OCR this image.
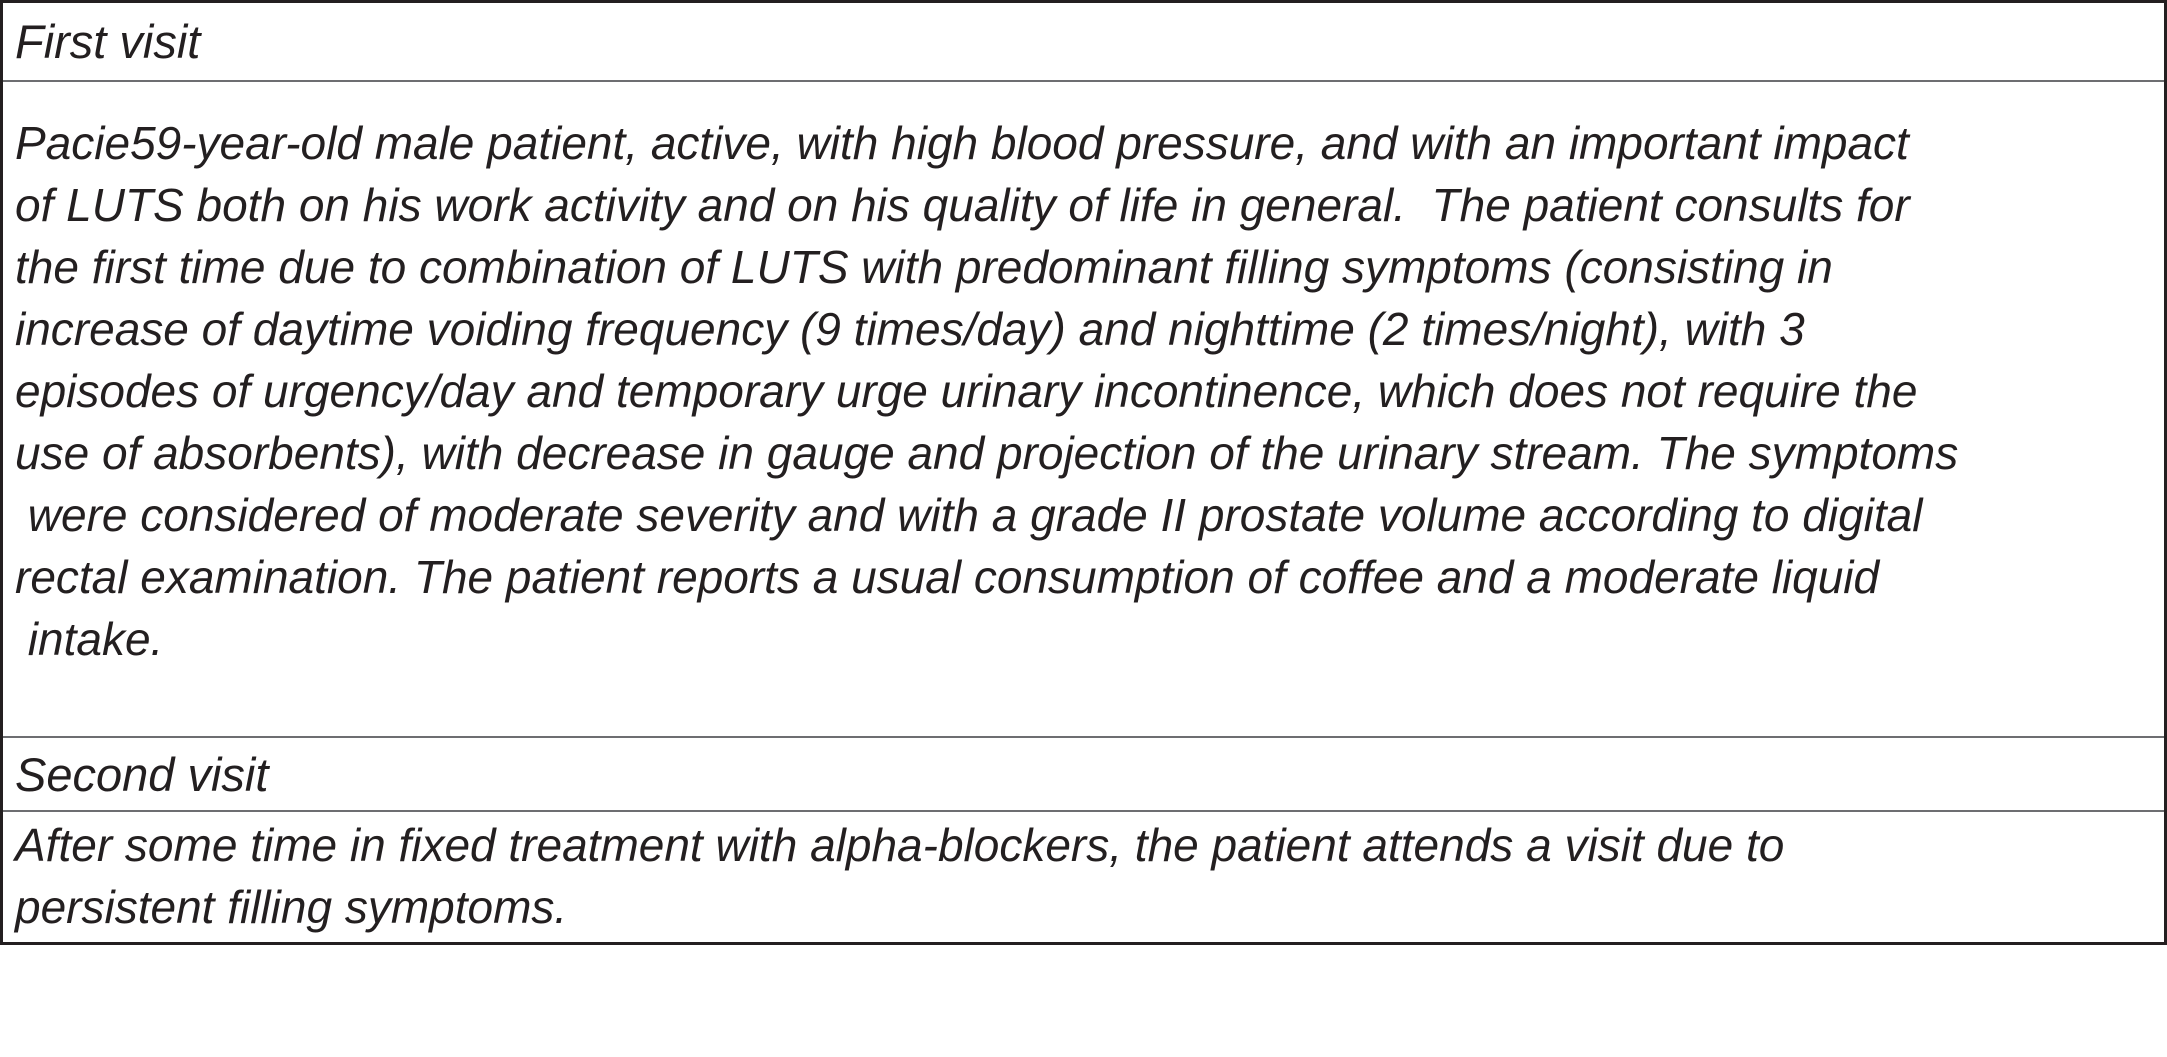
First visit

Pacie59-year-old male patient, active, with high blood pressure, and with an important impact
of LUTS both on his work activity and on his quality of life in general.  The patient consults for
the first time due to combination of LUTS with predominant filling symptoms (consisting in
increase of daytime voiding frequency (9 times/day) and nighttime (2 times/night), with 3
episodes of urgency/day and temporary urge urinary incontinence, which does not require the
use of absorbents), with decrease in gauge and projection of the urinary stream. The symptoms
were considered of moderate severity and with a grade II prostate volume according to digital
rectal examination. The patient reports a usual consumption of coffee and a moderate liquid
intake.

Second visit

After some time in fixed treatment with alpha-blockers, the patient attends a visit due to
persistent filling symptoms.
